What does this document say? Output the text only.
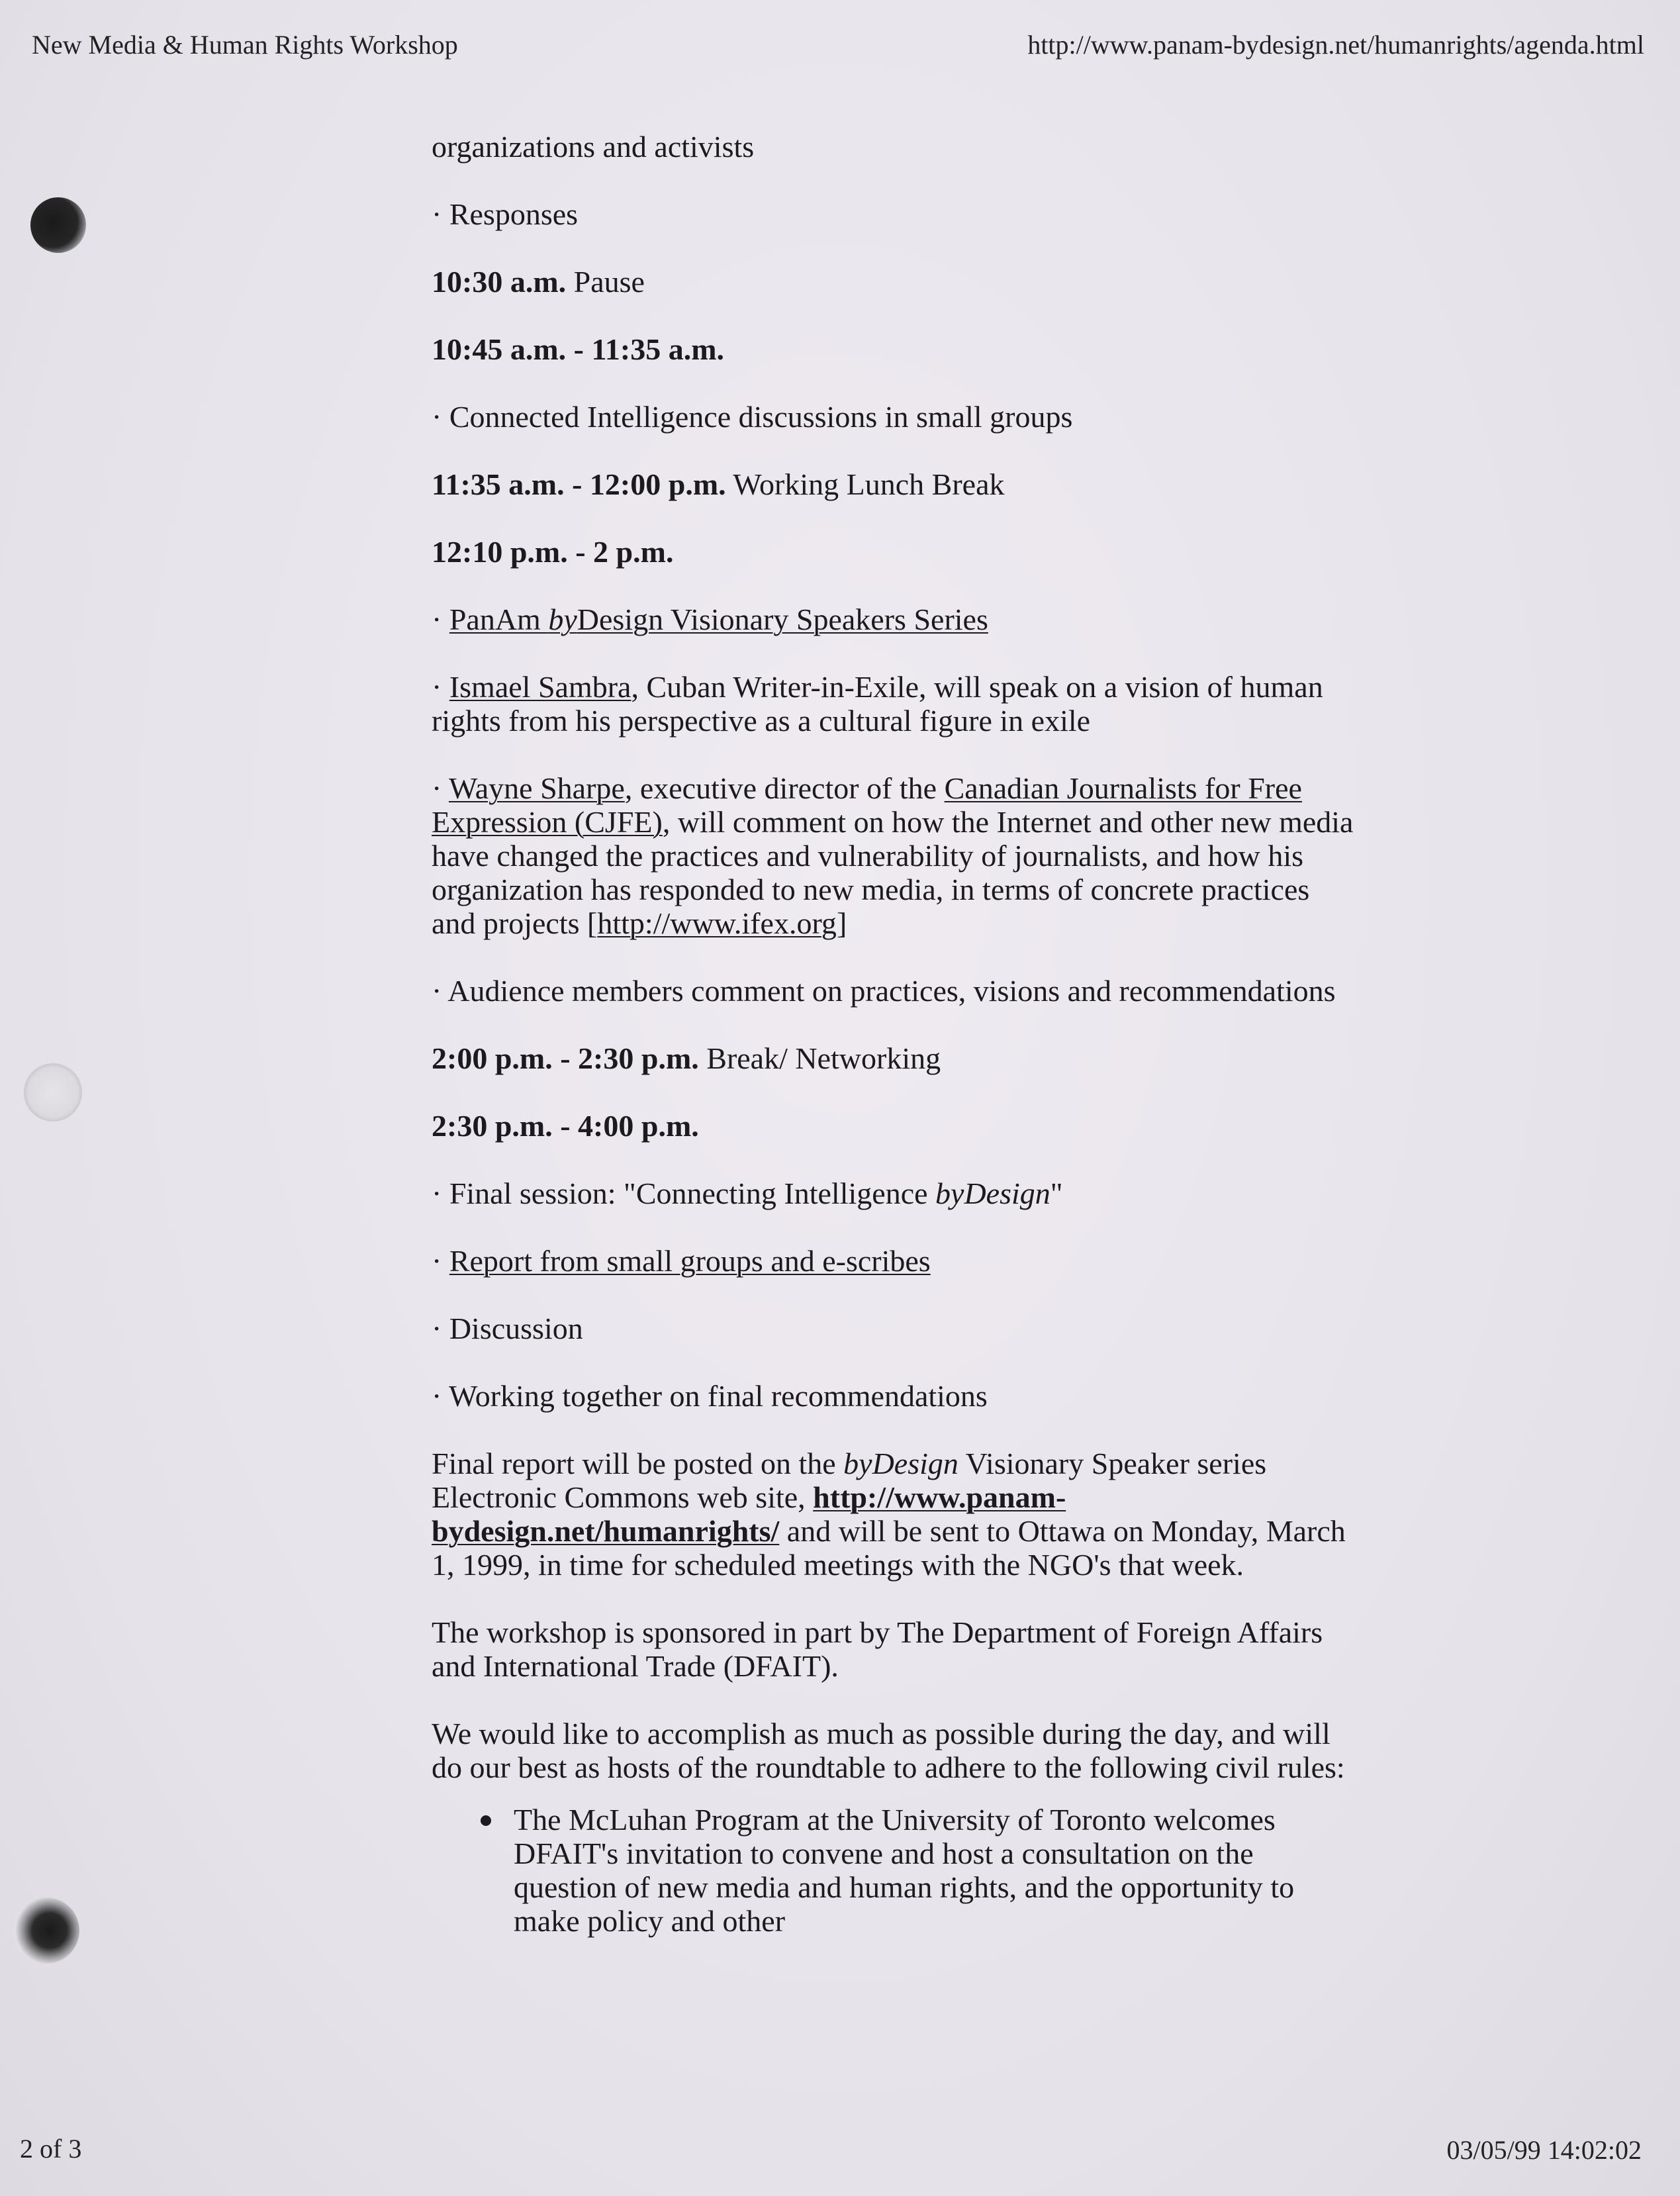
New Media & Human Rights Workshop	http://www.panam-bydesign.net/humanrights/agenda.html

organizations and activists

· Responses

10:30 a.m. Pause

10:45 a.m. - 11:35 a.m.

· Connected Intelligence discussions in small groups

11:35 a.m. - 12:00 p.m. Working Lunch Break

12:10 p.m. - 2 p.m.

· PanAm byDesign Visionary Speakers Series

· Ismael Sambra, Cuban Writer-in-Exile, will speak on a vision of human rights from his perspective as a cultural figure in exile

· Wayne Sharpe, executive director of the Canadian Journalists for Free Expression (CJFE), will comment on how the Internet and other new media have changed the practices and vulnerability of journalists, and how his organization has responded to new media, in terms of concrete practices and projects [http://www.ifex.org]

· Audience members comment on practices, visions and recommendations

2:00 p.m. - 2:30 p.m. Break/ Networking

2:30 p.m. - 4:00 p.m.

· Final session: "Connecting Intelligence byDesign"

· Report from small groups and e-scribes

· Discussion

· Working together on final recommendations

Final report will be posted on the byDesign Visionary Speaker series Electronic Commons web site, http://www.panam-bydesign.net/humanrights/ and will be sent to Ottawa on Monday, March 1, 1999, in time for scheduled meetings with the NGO's that week.

The workshop is sponsored in part by The Department of Foreign Affairs and International Trade (DFAIT).

We would like to accomplish as much as possible during the day, and will do our best as hosts of the roundtable to adhere to the following civil rules:

The McLuhan Program at the University of Toronto welcomes DFAIT's invitation to convene and host a consultation on the question of new media and human rights, and the opportunity to make policy and other
2 of 3	03/05/99 14:02:02
